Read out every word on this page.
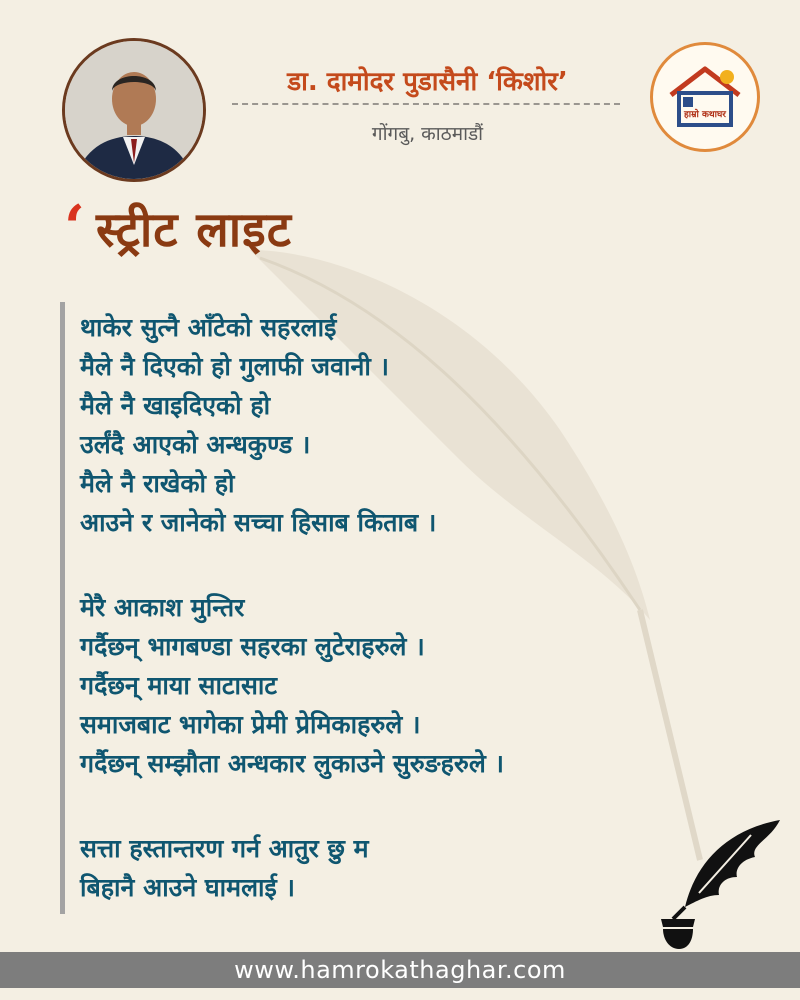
डा. दामोदर पुडासैनी ‘किशोर’
गोंगबु, काठमाडौं
हाम्रो कथाघर
‘ स्ट्रीट लाइट
थाकेर सुत्नै आँटेको सहरलाई
मैले नै दिएको हो गुलाफी जवानी ।
मैले नै खाइदिएको हो
उर्लंदै आएको अन्धकुण्ड ।
मैले नै राखेको हो
आउने र जानेको सच्चा हिसाब किताब ।
मेरै आकाश मुन्तिर
गर्दैछन् भागबण्डा सहरका लुटेराहरुले ।
गर्दैछन् माया साटासाट
समाजबाट भागेका प्रेमी प्रेमिकाहरुले ।
गर्दैछन् सम्झौता अन्धकार लुकाउने सुरुङहरुले ।
सत्ता हस्तान्तरण गर्न आतुर छु म
बिहानै आउने घामलाई ।
www.hamrokathaghar.com
